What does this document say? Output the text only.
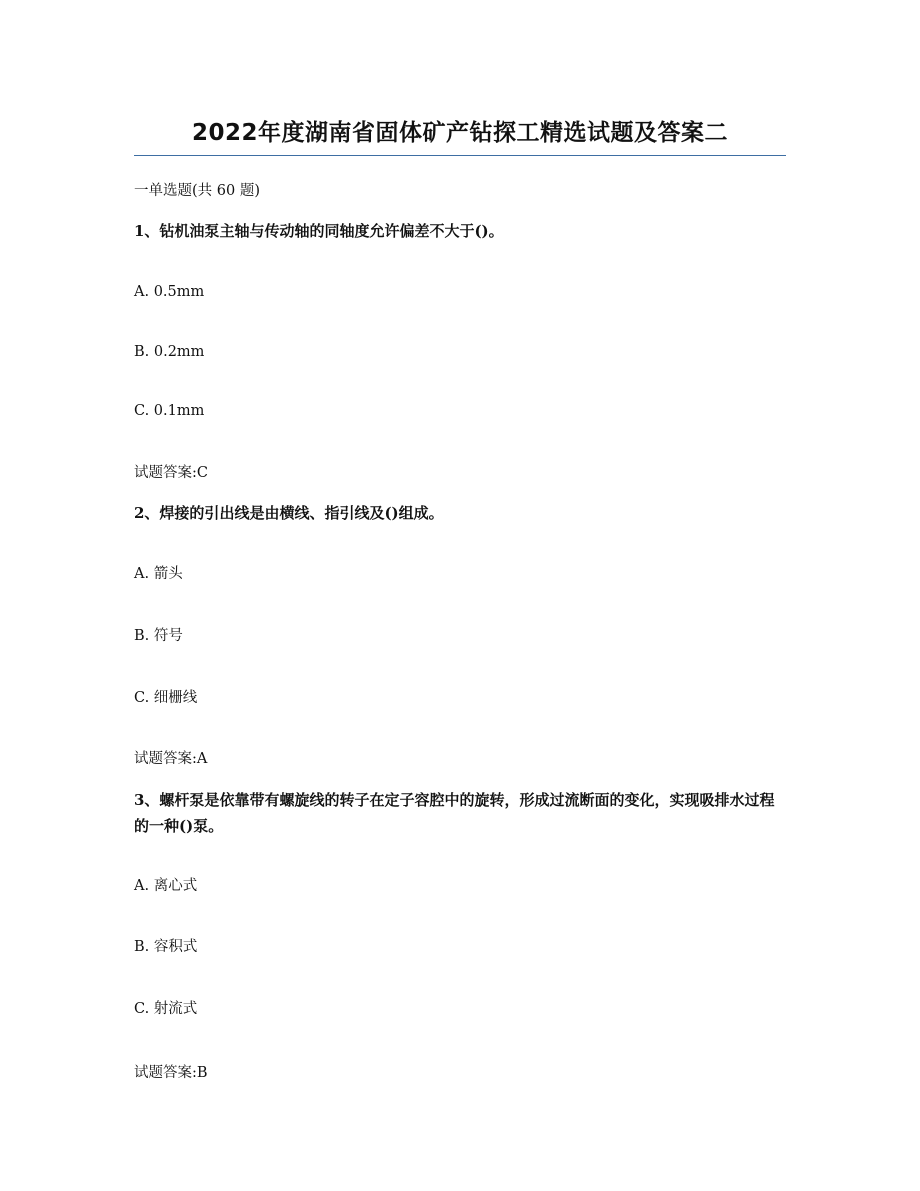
2022年度湖南省固体矿产钻探工精选试题及答案二
一单选题(共 60 题)
1、钻机油泵主轴与传动轴的同轴度允许偏差不大于()。
A. 0.5mm
B. 0.2mm
C. 0.1mm
试题答案:C
2、焊接的引出线是由横线、指引线及()组成。
A. 箭头
B. 符号
C. 细栅线
试题答案:A
3、螺杆泵是依靠带有螺旋线的转子在定子容腔中的旋转，形成过流断面的变化，实现吸排水过程的一种()泵。
A. 离心式
B. 容积式
C. 射流式
试题答案:B
